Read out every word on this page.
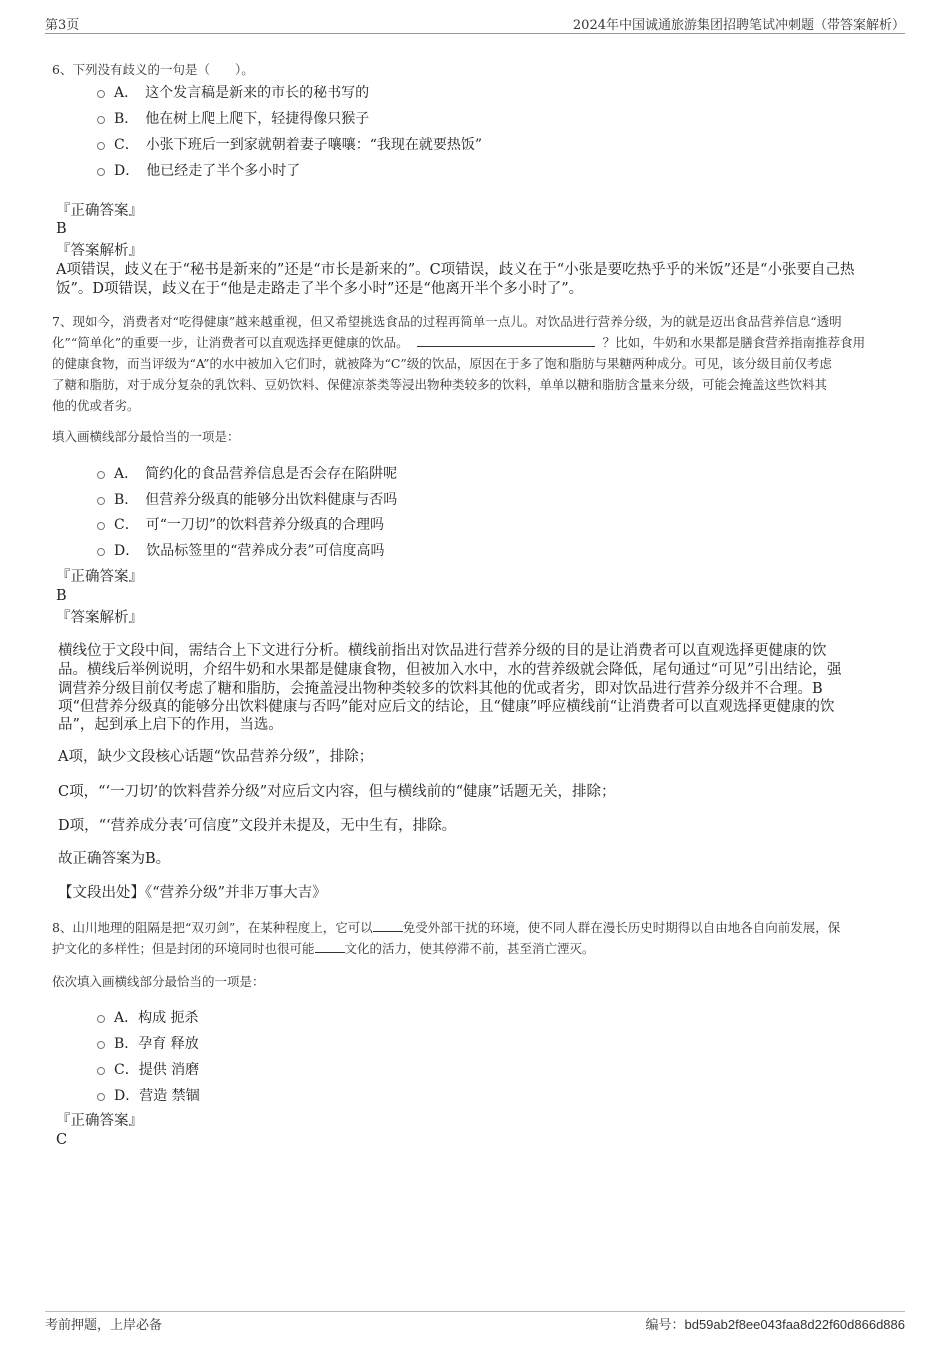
第3页	2024年中国诚通旅游集团招聘笔试冲刺题（带答案解析）
6、下列没有歧义的一句是（　　）。
A．　这个发言稿是新来的市长的秘书写的
B．　他在树上爬上爬下，轻捷得像只猴子
C．　小张下班后一到家就朝着妻子嚷嚷：“我现在就要热饭”
D．　他已经走了半个多小时了
『正确答案』
B
『答案解析』
A项错误，歧义在于“秘书是新来的”还是“市长是新来的”。C项错误，歧义在于“小张是要吃热乎乎的米饭”还是“小张要自己热
饭”。D项错误，歧义在于“他是走路走了半个多小时”还是“他离开半个多小时了”。
7、现如今，消费者对“吃得健康”越来越重视，但又希望挑选食品的过程再简单一点儿。对饮品进行营养分级，为的就是迈出食品营养信息“透明
化”“简单化”的重要一步，让消费者可以直观选择更健康的饮品。	？比如，牛奶和水果都是膳食营养指南推荐食用
的健康食物，而当评级为“A”的水中被加入它们时，就被降为“C”级的饮品，原因在于多了饱和脂肪与果糖两种成分。可见，该分级目前仅考虑
了糖和脂肪，对于成分复杂的乳饮料、豆奶饮料、保健凉茶类等浸出物种类较多的饮料，单单以糖和脂肪含量来分级，可能会掩盖这些饮料其
他的优或者劣。
填入画横线部分最恰当的一项是：
A．　简约化的食品营养信息是否会存在陷阱呢
B．　但营养分级真的能够分出饮料健康与否吗
C．　可“一刀切”的饮料营养分级真的合理吗
D．　饮品标签里的“营养成分表”可信度高吗
『正确答案』
B
『答案解析』
横线位于文段中间，需结合上下文进行分析。横线前指出对饮品进行营养分级的目的是让消费者可以直观选择更健康的饮
品。横线后举例说明，介绍牛奶和水果都是健康食物，但被加入水中，水的营养级就会降低，尾句通过“可见”引出结论，强
调营养分级目前仅考虑了糖和脂肪，会掩盖浸出物种类较多的饮料其他的优或者劣，即对饮品进行营养分级并不合理。B
项“但营养分级真的能够分出饮料健康与否吗”能对应后文的结论，且“健康”呼应横线前“让消费者可以直观选择更健康的饮
品”，起到承上启下的作用，当选。
A项，缺少文段核心话题“饮品营养分级”，排除；
C项，“‘一刀切’的饮料营养分级”对应后文内容，但与横线前的“健康”话题无关，排除；
D项，“‘营养成分表’可信度”文段并未提及，无中生有，排除。
故正确答案为B。
【文段出处】《“营养分级”并非万事大吉》
8、山川地理的阻隔是把“双刃剑”，在某种程度上，它可以 免受外部干扰的环境，使不同人群在漫长历史时期得以自由地各自向前发展，保
护文化的多样性；但是封闭的环境同时也很可能 文化的活力，使其停滞不前，甚至消亡湮灭。
依次填入画横线部分最恰当的一项是：
A．构成 扼杀
B．孕育 释放
C．提供 消磨
D．营造 禁锢
『正确答案』
C
考前押题，上岸必备	编号：bd59ab2f8ee043faa8d22f60d866d886
